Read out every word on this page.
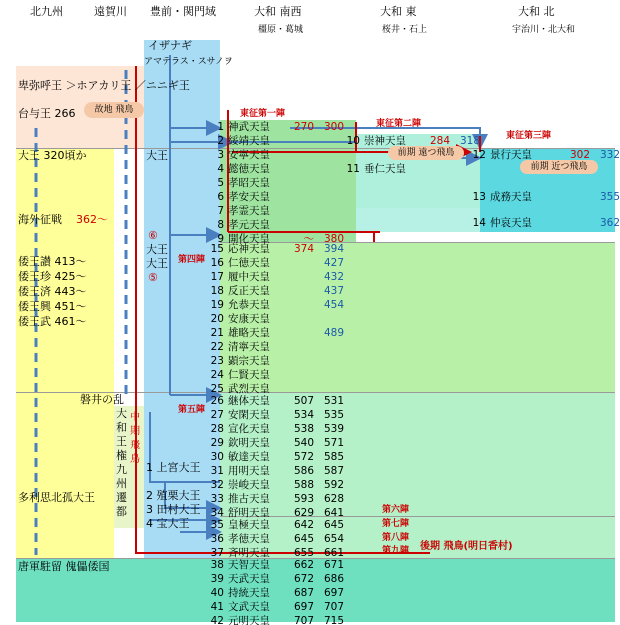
北九州	遠賀川 豊前・関門域	大和 南西
橿原・葛城
大和 東
桜井・石上
大和 北
宇治川・北大和
イザナギ
アマテラス・スサノヲ
卑弥呼王 ＞ホアカリ王 ／ニニギ王
台与王 266	故地 飛鳥
大王 320頃か	大王
海外征戦 362～
倭王讃 413～
倭王珍 425～
倭王済 443～
倭王興 451～
倭王武 461～
⑥
大王
大王
⑤
磐井の乱
多利思北孤大王
唐軍駐留 傀儡倭国
大
和
王
権
九
州
遷
都
中
期
飛
鳥
1 上宮大王
2 殖栗大王
3 田村大王
4 宝大王
東征第一陣
東征第二陣
東征第三陣
第四陣
第五陣
第六陣
第七陣
第八陣
第九陣
前期 遠つ飛鳥
前期 近つ飛鳥
後期 飛鳥(明日香村)
1 神武天皇 270 300
2 綏靖天皇
3 安寧天皇
4 懿徳天皇
5 孝昭天皇
6 孝安天皇
7 孝霊天皇
8 孝元天皇
9 開化天皇	～ 380
15 応神天皇 374 394
16 仁徳天皇	427
17 履中天皇	432
18 反正天皇	437
19 允恭天皇	454
20 安康天皇
21 雄略天皇	489
22 清寧天皇
23 顕宗天皇
24 仁賢天皇
25 武烈天皇
26 継体天皇 507 531
27 安閑天皇 534 535
28 宣化天皇 538 539
29 欽明天皇 540 571
30 敏達天皇 572 585
31 用明天皇 586 587
32 崇峻天皇 588 592
33 推古天皇 593 628
34 舒明天皇 629 641
35 皇極天皇 642 645
36 孝徳天皇 645 654
37 斉明天皇 655 661
38 天智天皇 662 671
39 天武天皇 672 686
40 持統天皇 687 697
41 文武天皇 697 707
42 元明天皇 707 715
10 崇神天皇 284 318
11 垂仁天皇
12 景行天皇	302 332
13 成務天皇	355
14 仲哀天皇	362
